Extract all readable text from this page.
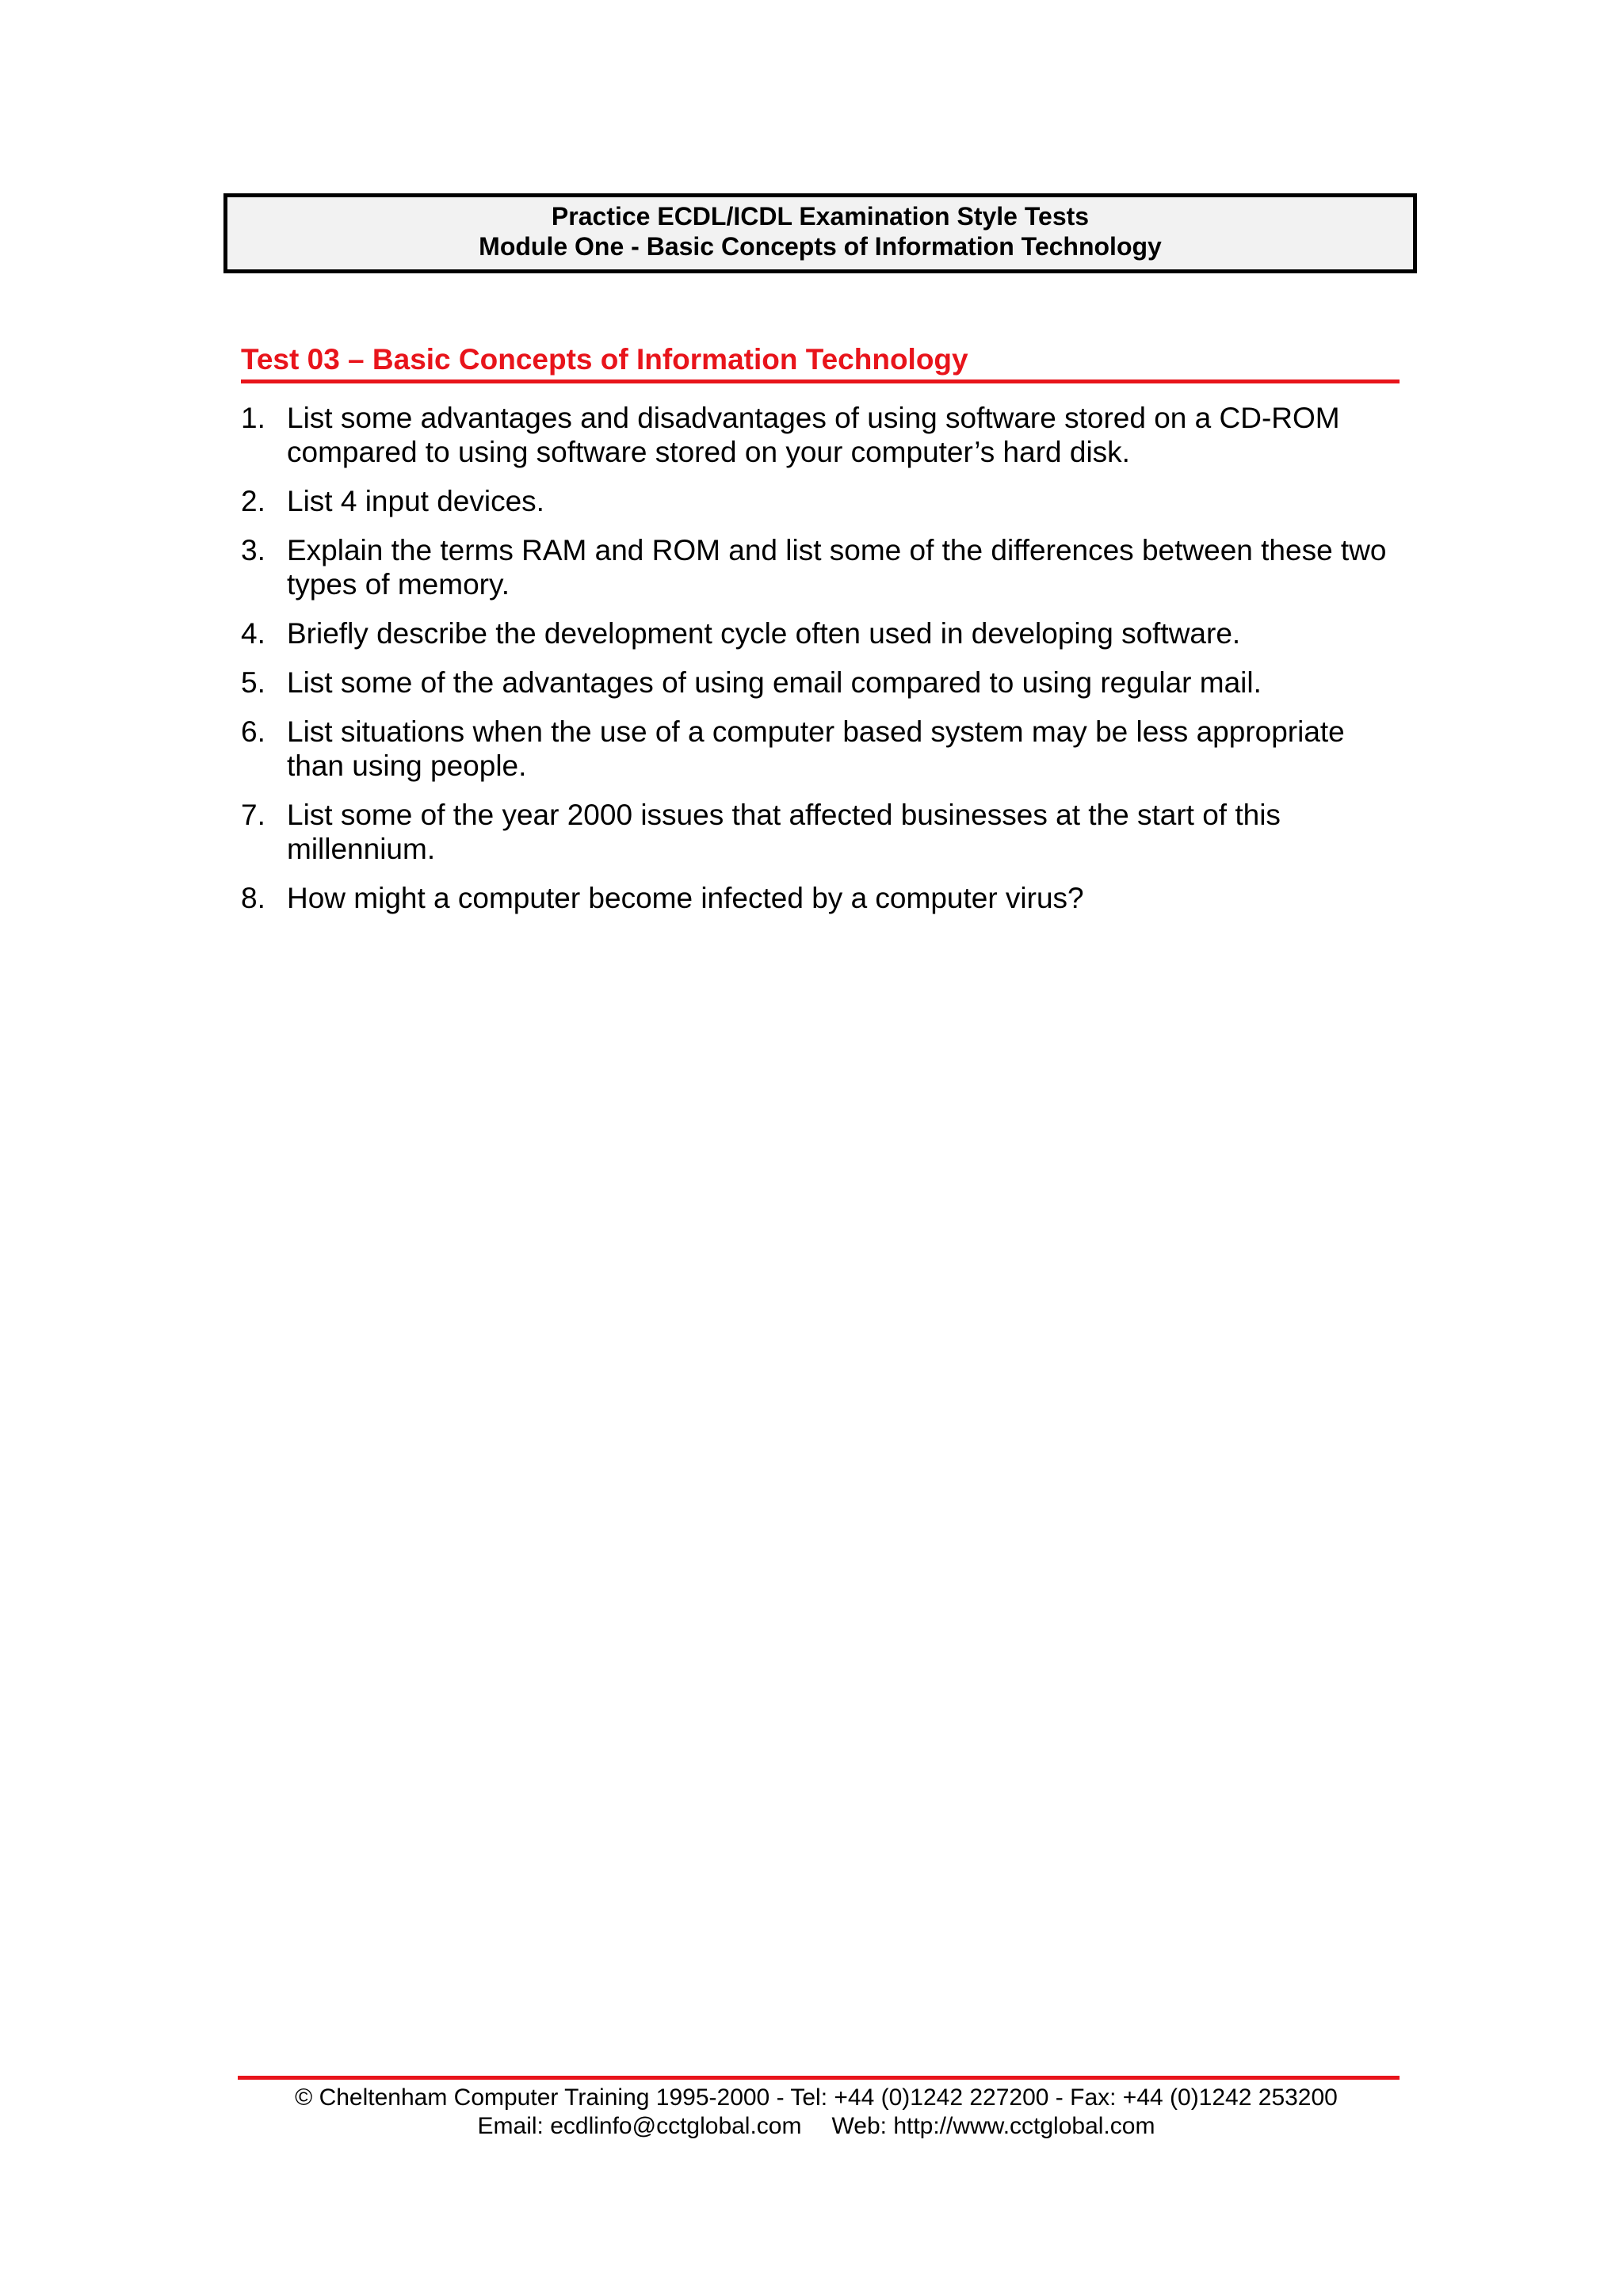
Practice ECDL/ICDL Examination Style Tests
Module One - Basic Concepts of Information Technology
Test 03 – Basic Concepts of Information Technology
1. List some advantages and disadvantages of using software stored on a CD-ROM compared to using software stored on your computer’s hard disk.
2. List 4 input devices.
3. Explain the terms RAM and ROM and list some of the differences between these two types of memory.
4. Briefly describe the development cycle often used in developing software.
5. List some of the advantages of using email compared to using regular mail.
6. List situations when the use of a computer based system may be less appropriate than using people.
7. List some of the year 2000 issues that affected businesses at the start of this millennium.
8. How might a computer become infected by a computer virus?
© Cheltenham Computer Training 1995-2000 - Tel: +44 (0)1242 227200 - Fax: +44 (0)1242 253200
Email: ecdlinfo@cctglobal.com Web: http://www.cctglobal.com
